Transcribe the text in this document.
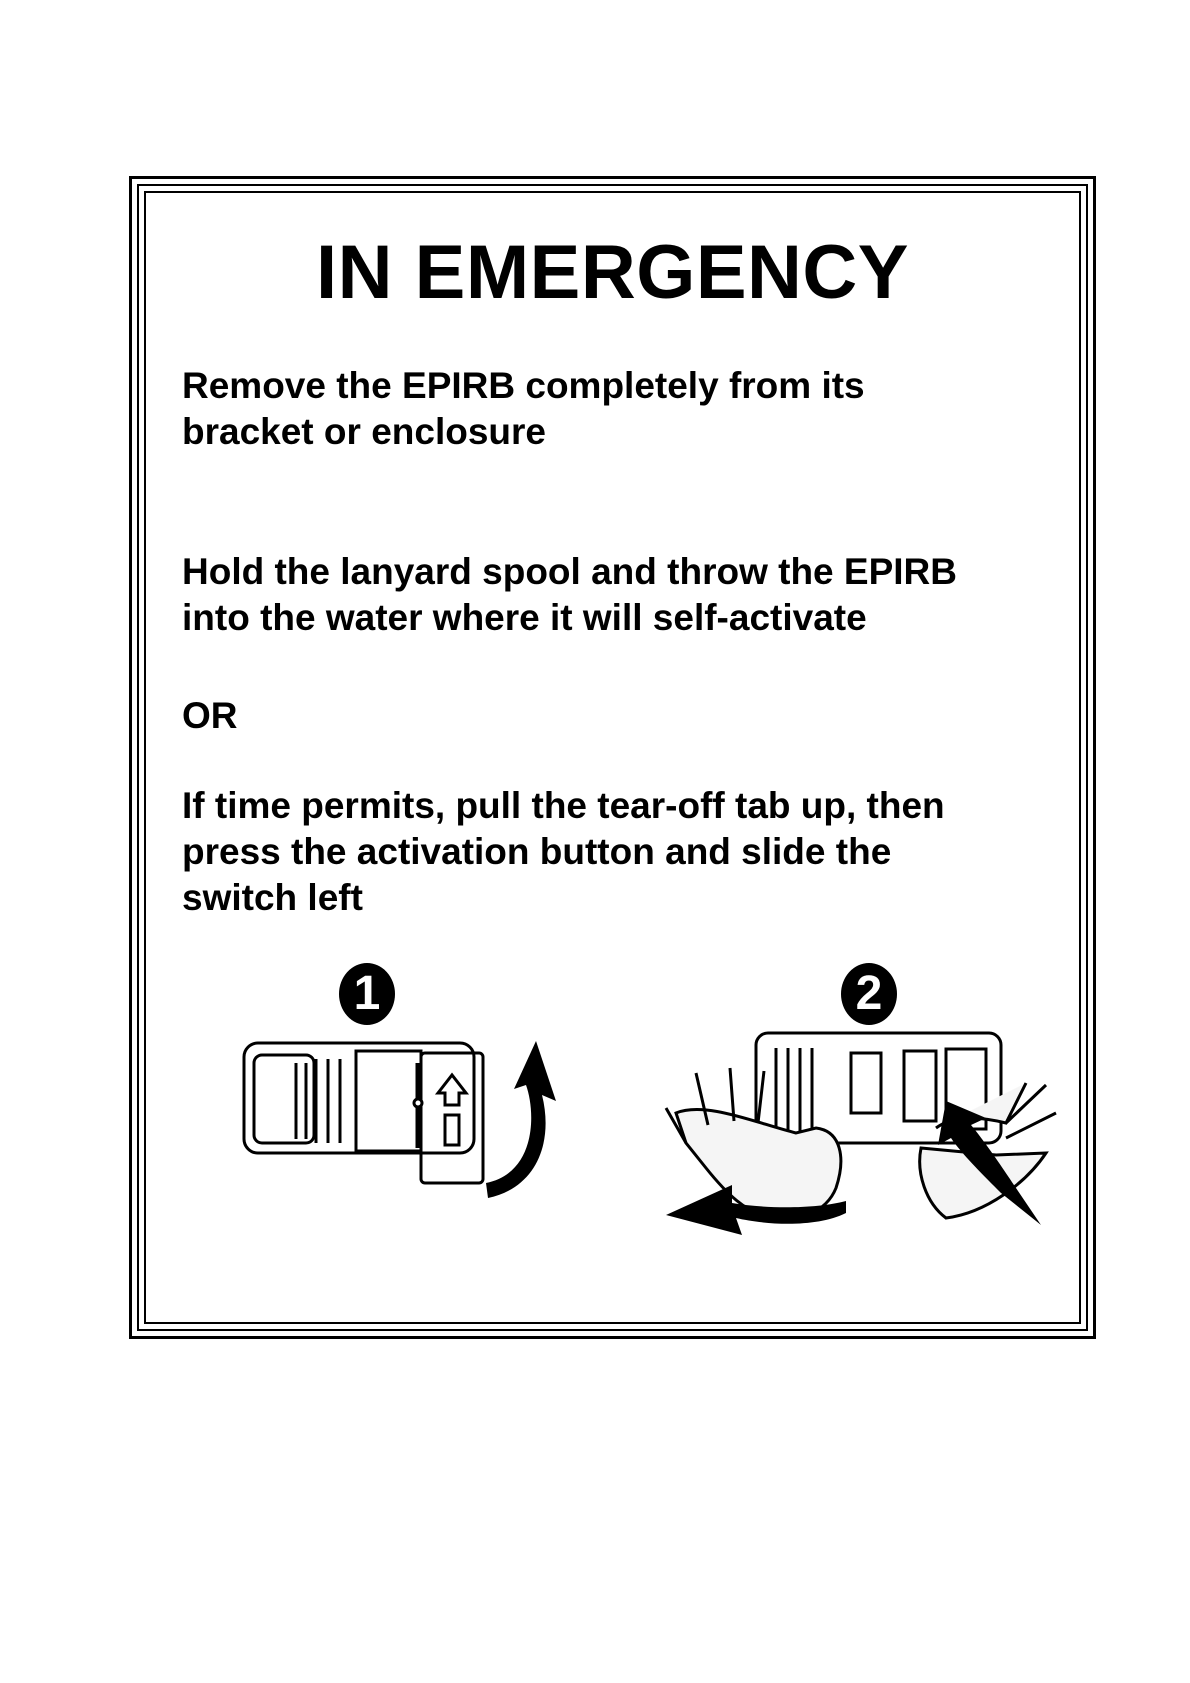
IN EMERGENCY
Remove the EPIRB completely from its
bracket or enclosure
Hold the lanyard spool and throw the EPIRB
into the water where it will self-activate
OR
If time permits, pull the tear-off tab up, then
press the activation button and slide the
switch left
1	2
